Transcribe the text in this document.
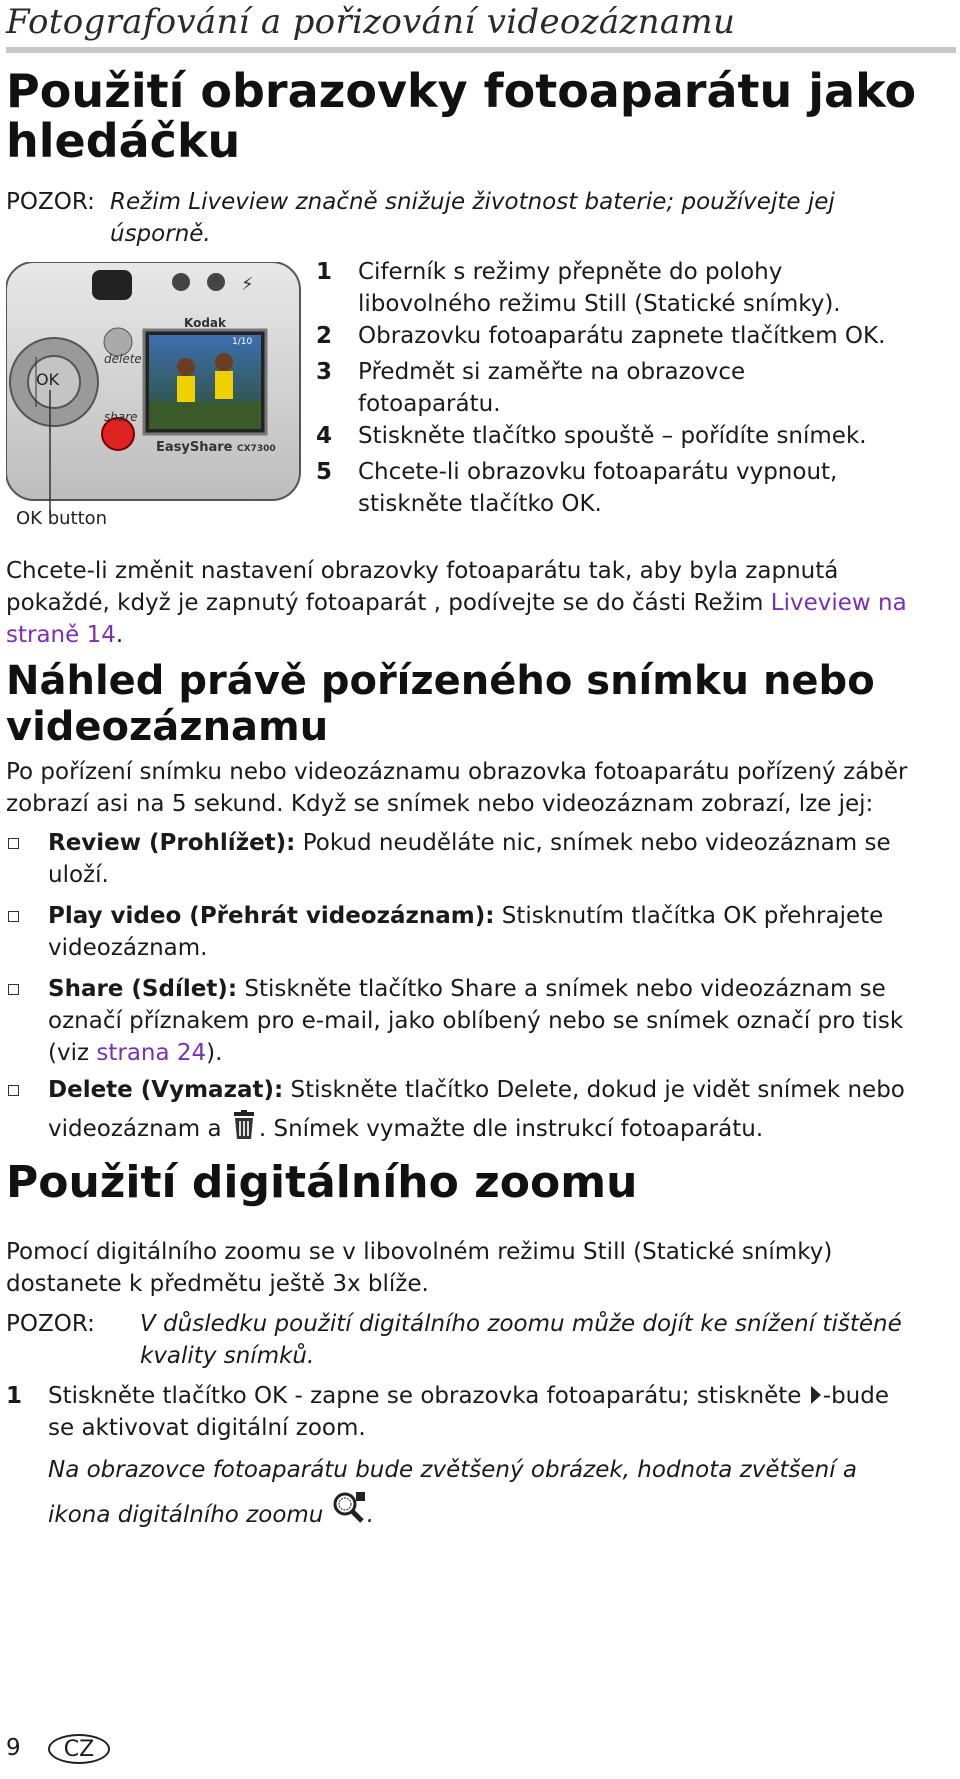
Fotografování a pořizování videozáznamu
Použití obrazovky fotoaparátu jako
hledáčku
POZOR: Režim Liveview značně snižuje životnost baterie; používejte jej
úsporně.
⚡
Kodak
OK
delete
share
1/10
EasyShare CX7300
OK button
1 Ciferník s režimy přepněte do polohy
libovolného režimu Still (Statické snímky).
2 Obrazovku fotoaparátu zapnete tlačítkem OK.
3 Předmět si zaměřte na obrazovce
fotoaparátu.
4 Stiskněte tlačítko spouště – pořídíte snímek.
5 Chcete-li obrazovku fotoaparátu vypnout,
stiskněte tlačítko OK.
Chcete-li změnit nastavení obrazovky fotoaparátu tak, aby byla zapnutá
pokaždé, když je zapnutý fotoaparát , podívejte se do části Režim Liveview na
straně 14.
Náhled právě pořízeného snímku nebo
videozáznamu
Po pořízení snímku nebo videozáznamu obrazovka fotoaparátu pořízený záběr
zobrazí asi na 5 sekund. Když se snímek nebo videozáznam zobrazí, lze jej:
Review (Prohlížet): Pokud neuděláte nic, snímek nebo videozáznam se
uloží.
Play video (Přehrát videozáznam): Stisknutím tlačítka OK přehrajete
videozáznam.
Share (Sdílet): Stiskněte tlačítko Share a snímek nebo videozáznam se
označí příznakem pro e-mail, jako oblíbený nebo se snímek označí pro tisk
(viz strana 24).
Delete (Vymazat): Stiskněte tlačítko Delete, dokud je vidět snímek nebo
videozáznam a . Snímek vymažte dle instrukcí fotoaparátu.
Použití digitálního zoomu
Pomocí digitálního zoomu se v libovolném režimu Still (Statické snímky)
dostanete k předmětu ještě 3x blíže.
POZOR: V důsledku použití digitálního zoomu může dojít ke snížení tištěné
kvality snímků.
1 Stiskněte tlačítko OK - zapne se obrazovka fotoaparátu; stiskněte -bude
se aktivovat digitální zoom.
Na obrazovce fotoaparátu bude zvětšený obrázek, hodnota zvětšení a
ikona digitálního zoomu .
9	CZ
